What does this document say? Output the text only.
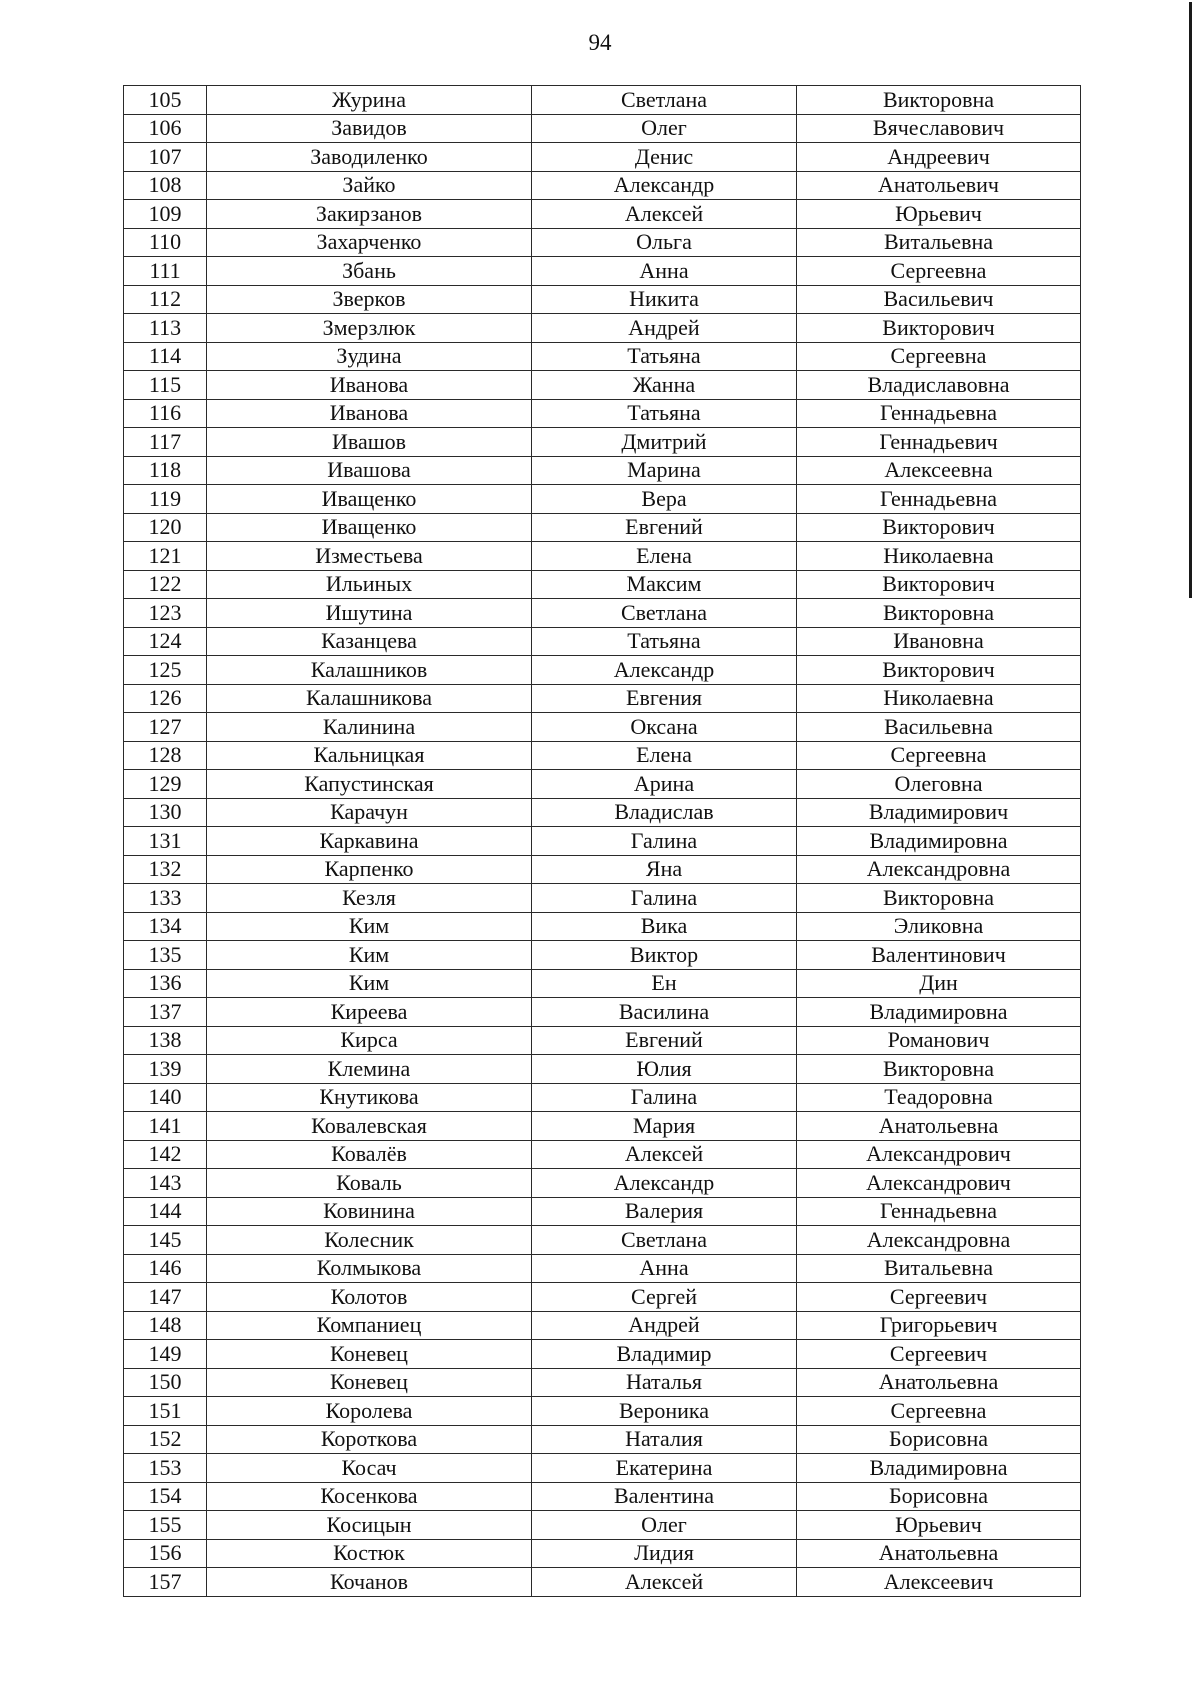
94
105	Журина	Светлана	Викторовна
106	Завидов	Олег	Вячеславович
107	Заводиленко	Денис	Андреевич
108	Зайко	Александр	Анатольевич
109	Закирзанов	Алексей	Юрьевич
110	Захарченко	Ольга	Витальевна
111	Збань	Анна	Сергеевна
112	Зверков	Никита	Васильевич
113	Змерзлюк	Андрей	Викторович
114	Зудина	Татьяна	Сергеевна
115	Иванова	Жанна	Владиславовна
116	Иванова	Татьяна	Геннадьевна
117	Ивашов	Дмитрий	Геннадьевич
118	Ивашова	Марина	Алексеевна
119	Иващенко	Вера	Геннадьевна
120	Иващенко	Евгений	Викторович
121	Изместьева	Елена	Николаевна
122	Ильиных	Максим	Викторович
123	Ишутина	Светлана	Викторовна
124	Казанцева	Татьяна	Ивановна
125	Калашников	Александр	Викторович
126	Калашникова	Евгения	Николаевна
127	Калинина	Оксана	Васильевна
128	Кальницкая	Елена	Сергеевна
129	Капустинская	Арина	Олеговна
130	Карачун	Владислав	Владимирович
131	Каркавина	Галина	Владимировна
132	Карпенко	Яна	Александровна
133	Кезля	Галина	Викторовна
134	Ким	Вика	Эликовна
135	Ким	Виктор	Валентинович
136	Ким	Ен	Дин
137	Киреева	Василина	Владимировна
138	Кирса	Евгений	Романович
139	Клемина	Юлия	Викторовна
140	Кнутикова	Галина	Теадоровна
141	Ковалевская	Мария	Анатольевна
142	Ковалёв	Алексей	Александрович
143	Коваль	Александр	Александрович
144	Ковинина	Валерия	Геннадьевна
145	Колесник	Светлана	Александровна
146	Колмыкова	Анна	Витальевна
147	Колотов	Сергей	Сергеевич
148	Компаниец	Андрей	Григорьевич
149	Коневец	Владимир	Сергеевич
150	Коневец	Наталья	Анатольевна
151	Королева	Вероника	Сергеевна
152	Короткова	Наталия	Борисовна
153	Косач	Екатерина	Владимировна
154	Косенкова	Валентина	Борисовна
155	Косицын	Олег	Юрьевич
156	Костюк	Лидия	Анатольевна
157	Кочанов	Алексей	Алексеевич
